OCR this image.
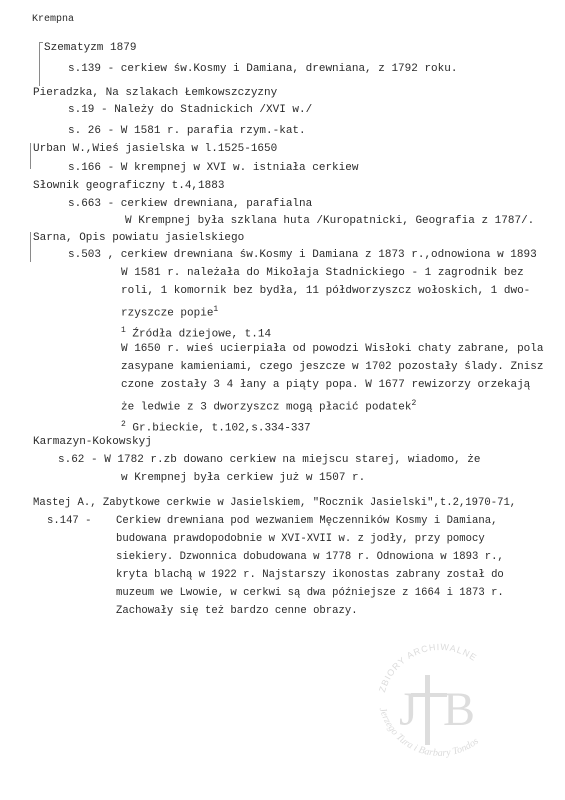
Krempna
Szematyzm 1879
s.139 - cerkiew św.Kosmy i Damiana, drewniana, z 1792 roku.
Pieradzka, Na szlakach Łemkowszczyzny
s.19 - Należy do Stadnickich /XVI w./
s. 26 - W 1581 r. parafia rzym.-kat.
Urban W.,Wieś jasielska w l.1525-1650
s.166 - W krempnej w XVI w. istniała cerkiew
Słownik geograficzny t.4,1883
s.663 - cerkiew drewniana, parafialna
W Krempnej była szklana huta /Kuropatnicki, Geografia z 1787/.
Sarna, Opis powiatu jasielskiego
s.503 , cerkiew drewniana św.Kosmy i Damiana z 1873 r.,odnowiona w 1893
W 1581 r. należała do Mikołaja Stadnickiego - 1 zagrodnik bez
roli, 1 komornik bez bydła, 11 półdworzyszcz wołoskich, 1 dwo-
rzyszcze popie$^1$
$^1$ Źródła dziejowe, t.14
W 1650 r. wieś ucierpiała od powodzi Wisłoki chaty zabrane, pola
zasypane kamieniami, czego jeszcze w 1702 pozostały ślady. Znisz
czone zostały 3 4 łany a piąty popa. W 1677 rewizorzy orzekają
że ledwie z 3 dworzyszcz mogą płacić podatek$^2$
$^2$ Gr.bieckie, t.102,s.334-337
Karmazyn-Kokowskyj
s.62 - W 1782 r.zb dowano cerkiew na miejscu starej, wiadomo, że
w Krempnej była cerkiew już w 1507 r.
Mastej A., Zabytkowe cerkwie w Jasielskiem, "Rocznik Jasielski",t.2,1970-71,
s.147 - Cerkiew drewniana pod wezwaniem Męczenników Kosmy i Damiana,
budowana prawdopodobnie w XVI-XVII w. z jodły, przy pomocy
siekiery. Dzwonnica dobudowana w 1778 r. Odnowiona w 1893 r.,
kryta blachą w 1922 r. Najstarszy ikonostas zabrany został do
muzeum we Lwowie, w cerkwi są dwa późniejsze z 1664 i 1873 r.
Zachowały się też bardzo cenne obrazy.
ZBIORY ARCHIWALNE
Jerzego Tura i Barbary Tondos
J B
